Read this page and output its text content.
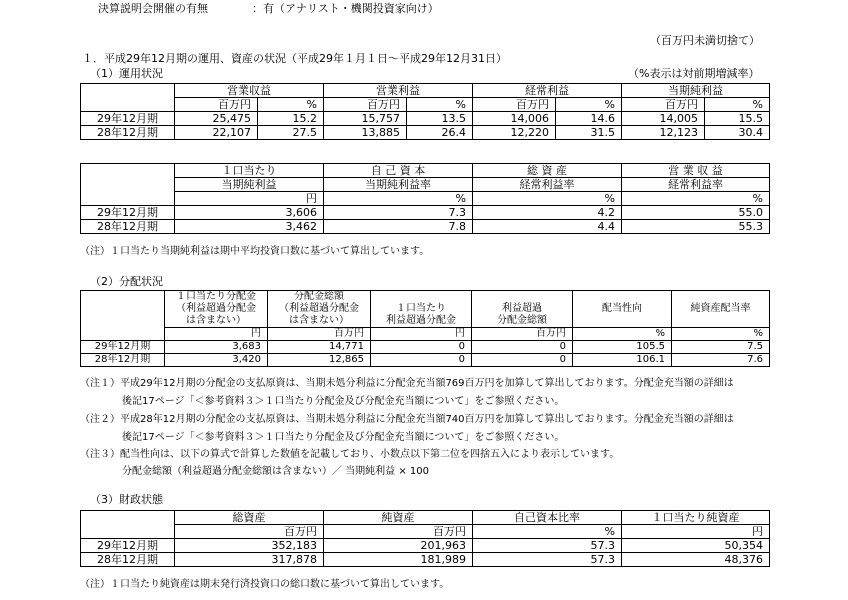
決算説明会開催の有無	：有（アナリスト・機関投資家向け）
（百万円未満切捨て）
１．平成29年12月期の運用、資産の状況（平成29年１月１日～平成29年12月31日）
（1）運用状況	（%表示は対前期増減率）
	営業収益		営業利益		経常利益		当期純利益	
	百万円	%	百万円	%	百万円	%	百万円	%
29年12月期	25,475	15.2	15,757	13.5	14,006	14.6	14,005	15.5
28年12月期	22,107	27.5	13,885	26.4	12,220	31.5	12,123	30.4
	１口当たり	自 己 資 本	総 資 産	営 業 収 益
	当期純利益	当期純利益率	経常利益率	経常利益率
	円	%	%	%
29年12月期	3,606	7.3	4.2	55.0
28年12月期	3,462	7.8	4.4	55.3
（注）１口当たり当期純利益は期中平均投資口数に基づいて算出しています。
（2）分配状況
	１口当たり分配金	分配金総額				
	（利益超過分配金	（利益超過分配金	１口当たり	利益超過	配当性向	純資産配当率
	は含まない）	は含まない）	利益超過分配金	分配金総額		
	円	百万円	円	百万円	%	%
29年12月期	3,683	14,771	0	0	105.5	7.5
28年12月期	3,420	12,865	0	0	106.1	7.6
（注１）平成29年12月期の分配金の支払原資は、当期未処分利益に分配金充当額769百万円を加算して算出しております。分配金充当額の詳細は
後記17ページ「＜参考資料３＞１口当たり分配金及び分配金充当額について」をご参照ください。
（注２）平成28年12月期の分配金の支払原資は、当期未処分利益に分配金充当額740百万円を加算して算出しております。分配金充当額の詳細は
後記17ページ「＜参考資料３＞１口当たり分配金及び分配金充当額について」をご参照ください。
（注３）配当性向は、以下の算式で計算した数値を記載しており、小数点以下第二位を四捨五入により表示しています。
分配金総額（利益超過分配金総額は含まない）／ 当期純利益 × 100
（3）財政状態
	総資産	純資産	自己資本比率	１口当たり純資産
	百万円	百万円	%	円
29年12月期	352,183	201,963	57.3	50,354
28年12月期	317,878	181,989	57.3	48,376
（注）１口当たり純資産は期末発行済投資口の総口数に基づいて算出しています。
